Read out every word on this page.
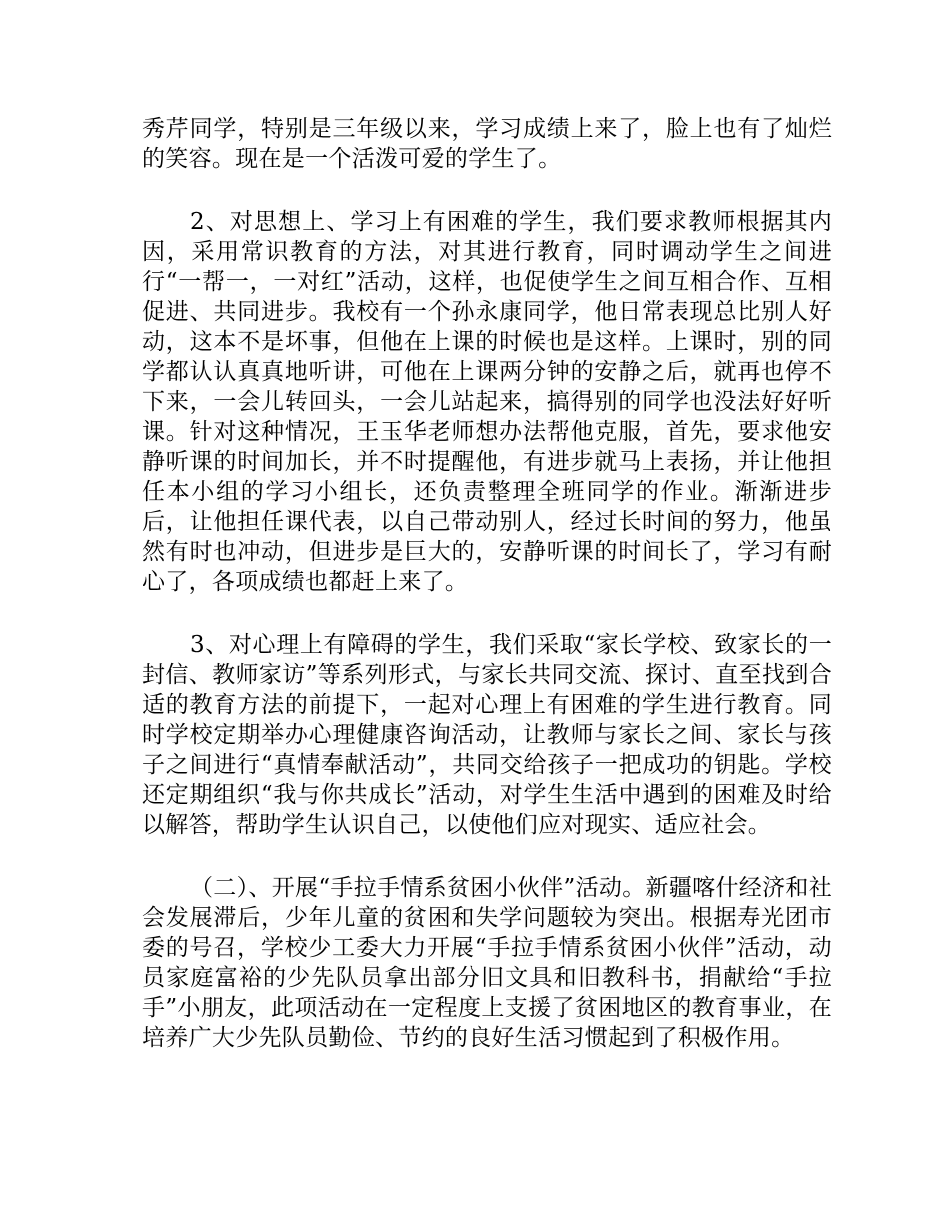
秀芹同学，特别是三年级以来，学习成绩上来了，脸上也有了灿烂的笑容。现在是一个活泼可爱的学生了。

2、对思想上、学习上有困难的学生，我们要求教师根据其内因，采用常识教育的方法，对其进行教育，同时调动学生之间进行“一帮一，一对红”活动，这样，也促使学生之间互相合作、互相促进、共同进步。我校有一个孙永康同学，他日常表现总比别人好动，这本不是坏事，但他在上课的时候也是这样。上课时，别的同学都认认真真地听讲，可他在上课两分钟的安静之后，就再也停不下来，一会儿转回头，一会儿站起来，搞得别的同学也没法好好听课。针对这种情况，王玉华老师想办法帮他克服，首先，要求他安静听课的时间加长，并不时提醒他，有进步就马上表扬，并让他担任本小组的学习小组长，还负责整理全班同学的作业。渐渐进步后，让他担任课代表，以自己带动别人，经过长时间的努力，他虽然有时也冲动，但进步是巨大的，安静听课的时间长了，学习有耐心了，各项成绩也都赶上来了。

3、对心理上有障碍的学生，我们采取“家长学校、致家长的一封信、教师家访”等系列形式，与家长共同交流、探讨、直至找到合适的教育方法的前提下，一起对心理上有困难的学生进行教育。同时学校定期举办心理健康咨询活动，让教师与家长之间、家长与孩子之间进行“真情奉献活动”，共同交给孩子一把成功的钥匙。学校还定期组织“我与你共成长”活动，对学生生活中遇到的困难及时给以解答，帮助学生认识自己，以使他们应对现实、适应社会。

（二）、开展“手拉手情系贫困小伙伴”活动。新疆喀什经济和社会发展滞后，少年儿童的贫困和失学问题较为突出。根据寿光团市委的号召，学校少工委大力开展“手拉手情系贫困小伙伴”活动，动员家庭富裕的少先队员拿出部分旧文具和旧教科书，捐献给“手拉手”小朋友，此项活动在一定程度上支援了贫困地区的教育事业，在培养广大少先队员勤俭、节约的良好生活习惯起到了积极作用。
